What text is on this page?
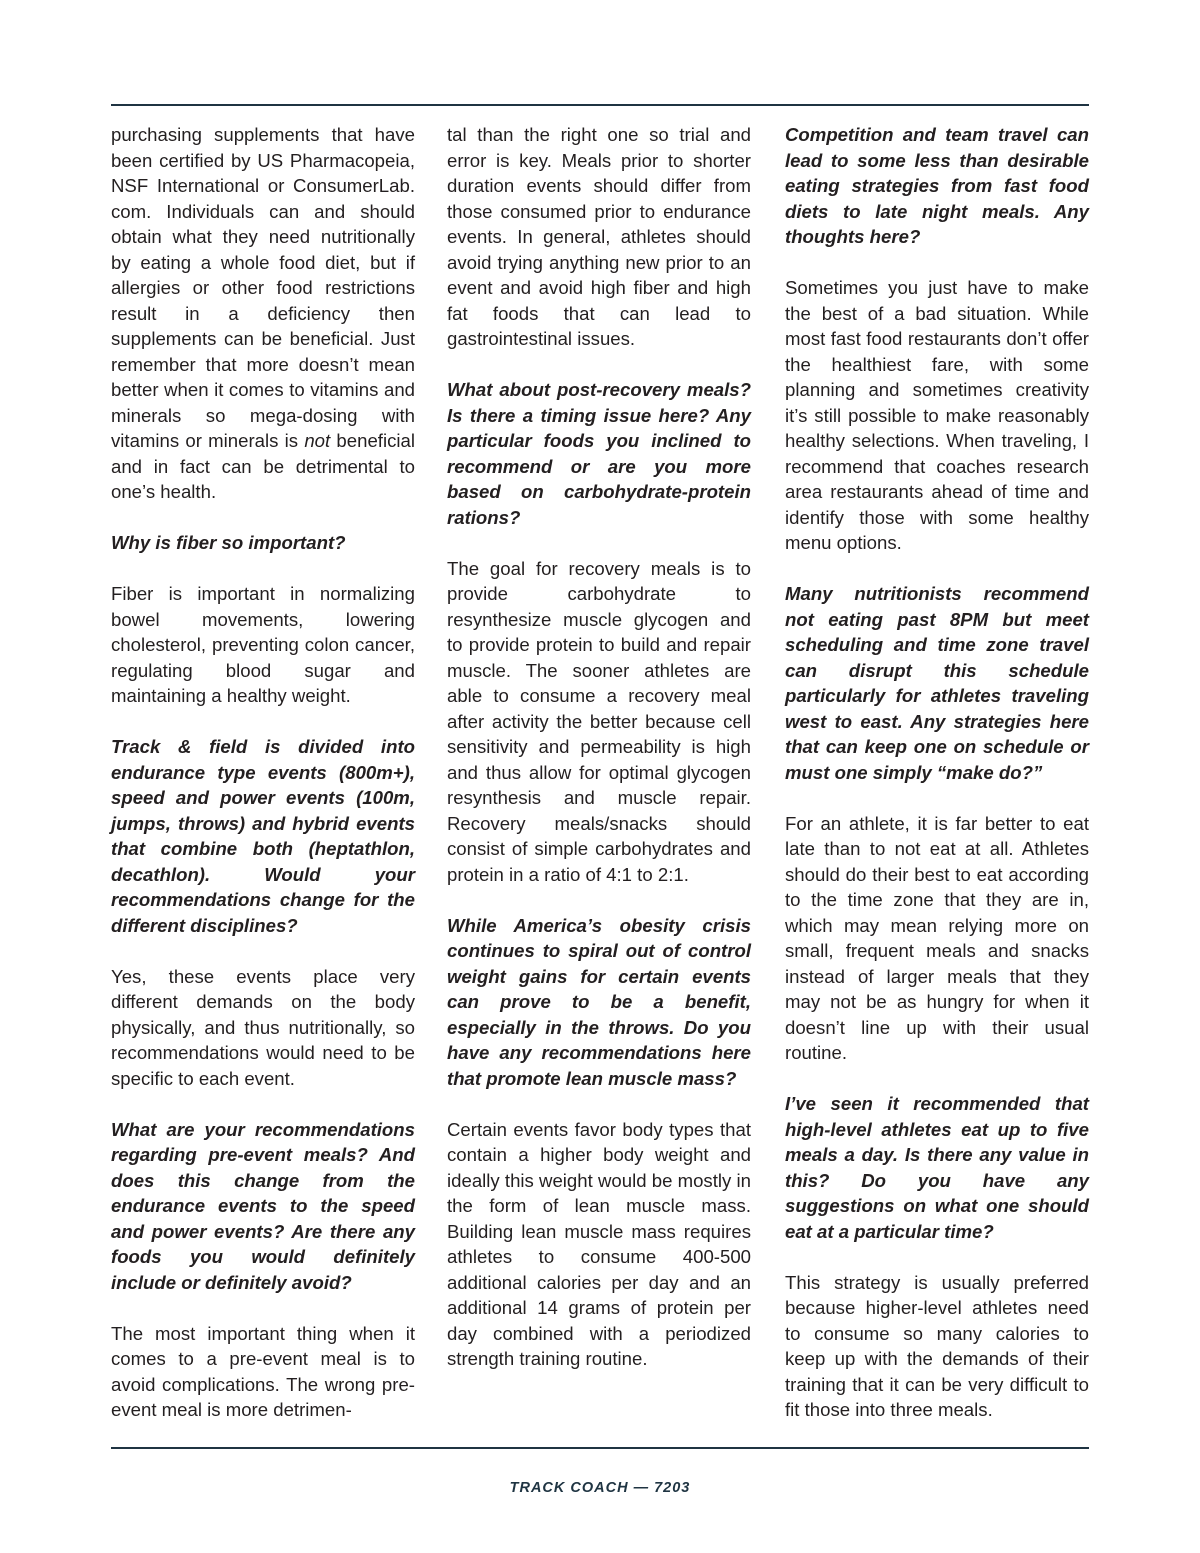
purchasing supplements that have been certified by US Pharmacopeia, NSF International or ConsumerLab. com. Individuals can and should obtain what they need nutritionally by eating a whole food diet, but if allergies or other food restrictions result in a deficiency then supplements can be beneficial. Just remember that more doesn’t mean better when it comes to vitamins and minerals so mega-dosing with vitamins or minerals is not beneficial and in fact can be detrimental to one’s health.

Why is fiber so important?

Fiber is important in normalizing bowel movements, lowering cholesterol, preventing colon cancer, regulating blood sugar and maintaining a healthy weight.

Track & field is divided into endurance type events (800m+), speed and power events (100m, jumps, throws) and hybrid events that combine both (heptathlon, decathlon). Would your recommendations change for the different disciplines?

Yes, these events place very different demands on the body physically, and thus nutritionally, so recommendations would need to be specific to each event.

What are your recommendations regarding pre-event meals? And does this change from the endurance events to the speed and power events? Are there any foods you would definitely include or definitely avoid?

The most important thing when it comes to a pre-event meal is to avoid complications. The wrong pre-event meal is more detrimen-

tal than the right one so trial and error is key. Meals prior to shorter duration events should differ from those consumed prior to endurance events. In general, athletes should avoid trying anything new prior to an event and avoid high fiber and high fat foods that can lead to gastrointestinal issues.

What about post-recovery meals? Is there a timing issue here? Any particular foods you inclined to recommend or are you more based on carbohydrate-protein rations?

The goal for recovery meals is to provide carbohydrate to resynthesize muscle glycogen and to provide protein to build and repair muscle. The sooner athletes are able to consume a recovery meal after activity the better because cell sensitivity and permeability is high and thus allow for optimal glycogen resynthesis and muscle repair. Recovery meals/snacks should consist of simple carbohydrates and protein in a ratio of 4:1 to 2:1.

While America’s obesity crisis continues to spiral out of control weight gains for certain events can prove to be a benefit, especially in the throws. Do you have any recommendations here that promote lean muscle mass?

Certain events favor body types that contain a higher body weight and ideally this weight would be mostly in the form of lean muscle mass. Building lean muscle mass requires athletes to consume 400-500 additional calories per day and an additional 14 grams of protein per day combined with a periodized strength training routine.

Competition and team travel can lead to some less than desirable eating strategies from fast food diets to late night meals. Any thoughts here?

Sometimes you just have to make the best of a bad situation. While most fast food restaurants don’t offer the healthiest fare, with some planning and sometimes creativity it’s still possible to make reasonably healthy selections. When traveling, I recommend that coaches research area restaurants ahead of time and identify those with some healthy menu options.

Many nutritionists recommend not eating past 8PM but meet scheduling and time zone travel can disrupt this schedule particularly for athletes traveling west to east. Any strategies here that can keep one on schedule or must one simply “make do?”

For an athlete, it is far better to eat late than to not eat at all. Athletes should do their best to eat according to the time zone that they are in, which may mean relying more on small, frequent meals and snacks instead of larger meals that they may not be as hungry for when it doesn’t line up with their usual routine.

I’ve seen it recommended that high-level athletes eat up to five meals a day. Is there any value in this? Do you have any suggestions on what one should eat at a particular time?

This strategy is usually preferred because higher-level athletes need to consume so many calories to keep up with the demands of their training that it can be very difficult to fit those into three meals.

TRACK COACH — 7203
